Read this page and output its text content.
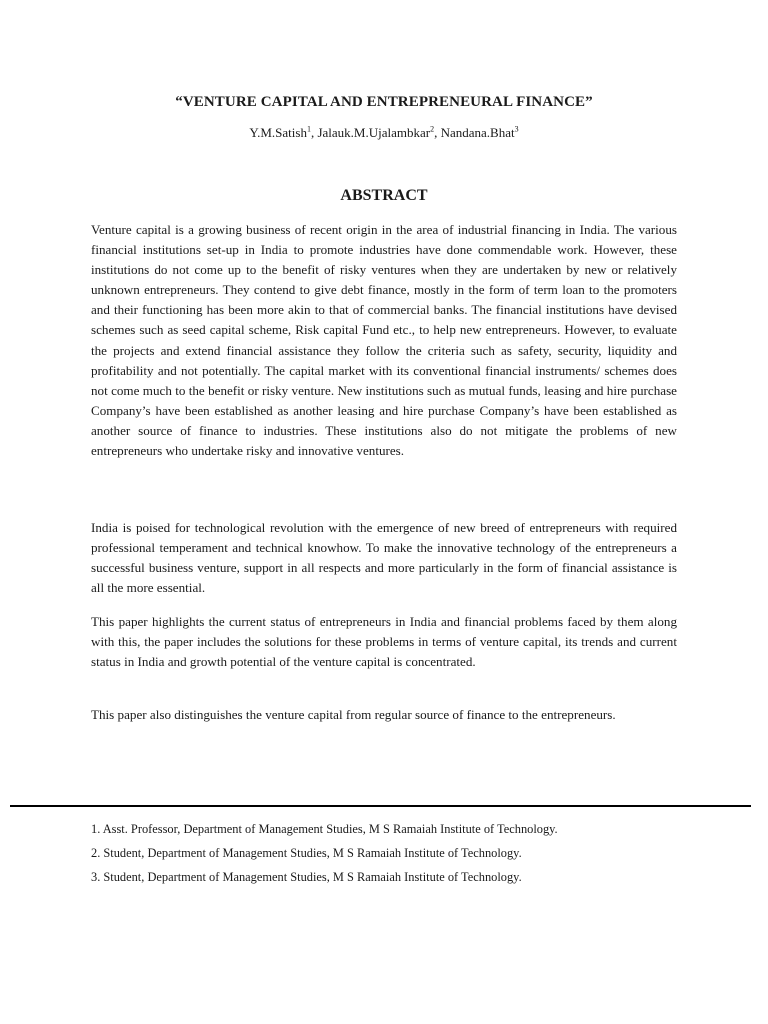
“VENTURE CAPITAL AND ENTREPRENEURAL FINANCE”
Y.M.Satish$^1$, Jalauk.M.Ujalambkar$^2$, Nandana.Bhat$^3$
ABSTRACT

Venture capital is a growing business of recent origin in the area of industrial financing in India. The various financial institutions set-up in India to promote industries have done commendable work. However, these institutions do not come up to the benefit of risky ventures when they are undertaken by new or relatively unknown entrepreneurs. They contend to give debt finance, mostly in the form of term loan to the promoters and their functioning has been more akin to that of commercial banks. The financial institutions have devised schemes such as seed capital scheme, Risk capital Fund etc., to help new entrepreneurs. However, to evaluate the projects and extend financial assistance they follow the criteria such as safety, security, liquidity and profitability and not potentially. The capital market with its conventional financial instruments/ schemes does not come much to the benefit or risky venture. New institutions such as mutual funds, leasing and hire purchase Company’s have been established as another leasing and hire purchase Company’s have been established as another source of finance to industries. These institutions also do not mitigate the problems of new entrepreneurs who undertake risky and innovative ventures.

India is poised for technological revolution with the emergence of new breed of entrepreneurs with required professional temperament and technical knowhow. To make the innovative technology of the entrepreneurs a successful business venture, support in all respects and more particularly in the form of financial assistance is all the more essential.

This paper highlights the current status of entrepreneurs in India and financial problems faced by them along with this, the paper includes the solutions for these problems in terms of venture capital, its trends and current status in India and growth potential of the venture capital is concentrated.

This paper also distinguishes the venture capital from regular source of finance to the entrepreneurs.

1. Asst. Professor, Department of Management Studies, M S Ramaiah Institute of Technology.

2. Student, Department of Management Studies, M S Ramaiah Institute of Technology.

3. Student, Department of Management Studies, M S Ramaiah Institute of Technology.
